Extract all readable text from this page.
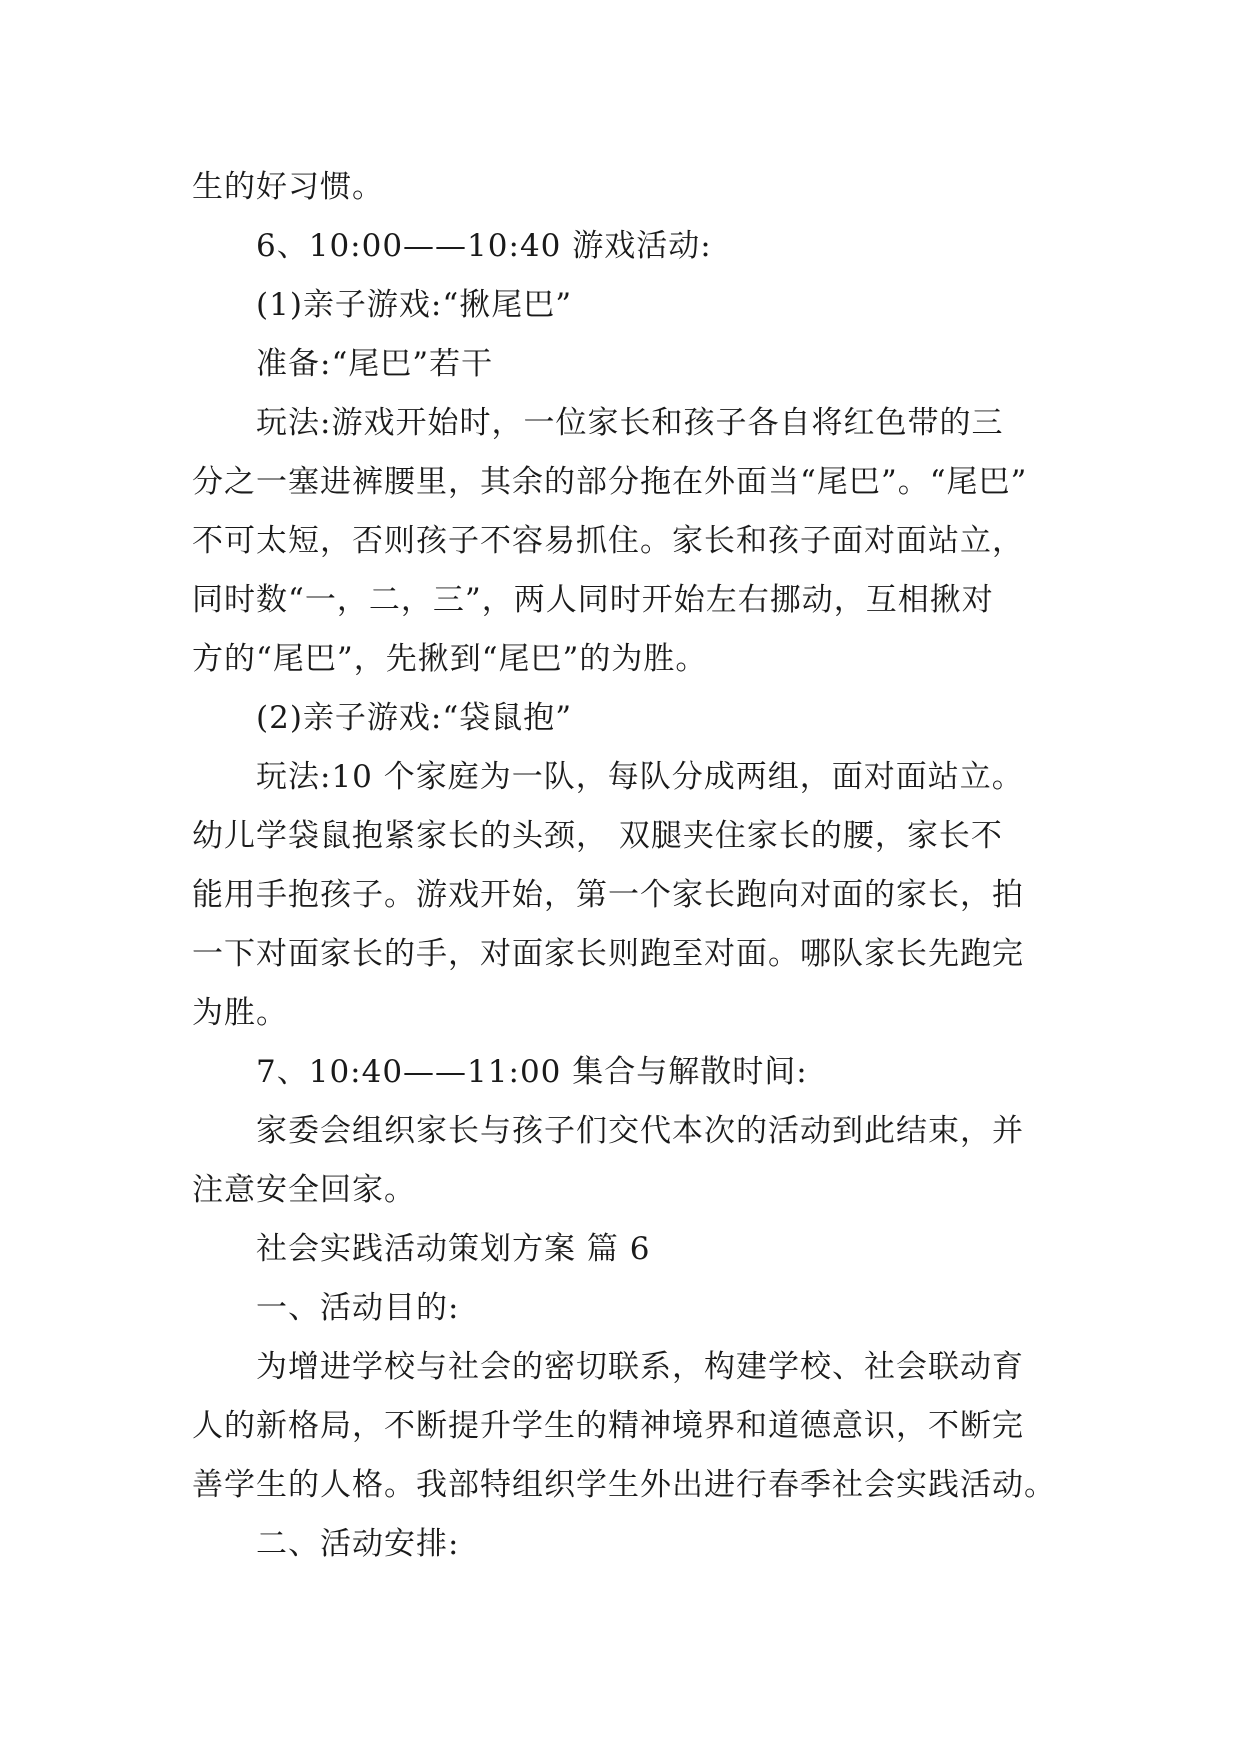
生的好习惯。
6、10:00——10:40 游戏活动:
(1)亲子游戏:“揪尾巴”
准备:“尾巴”若干
玩法:游戏开始时，一位家长和孩子各自将红色带的三
分之一塞进裤腰里，其余的部分拖在外面当“尾巴”。“尾巴”
不可太短，否则孩子不容易抓住。家长和孩子面对面站立，
同时数“一，二，三”，两人同时开始左右挪动，互相揪对
方的“尾巴”，先揪到“尾巴”的为胜。
(2)亲子游戏:“袋鼠抱”
玩法:10 个家庭为一队，每队分成两组，面对面站立。
幼儿学袋鼠抱紧家长的头颈， 双腿夹住家长的腰，家长不
能用手抱孩子。游戏开始，第一个家长跑向对面的家长，拍
一下对面家长的手，对面家长则跑至对面。哪队家长先跑完
为胜。
7、10:40——11:00 集合与解散时间:
家委会组织家长与孩子们交代本次的活动到此结束，并
注意安全回家。
社会实践活动策划方案 篇 6
一、活动目的:
为增进学校与社会的密切联系，构建学校、社会联动育
人的新格局，不断提升学生的精神境界和道德意识，不断完
善学生的人格。我部特组织学生外出进行春季社会实践活动。
二、活动安排:
